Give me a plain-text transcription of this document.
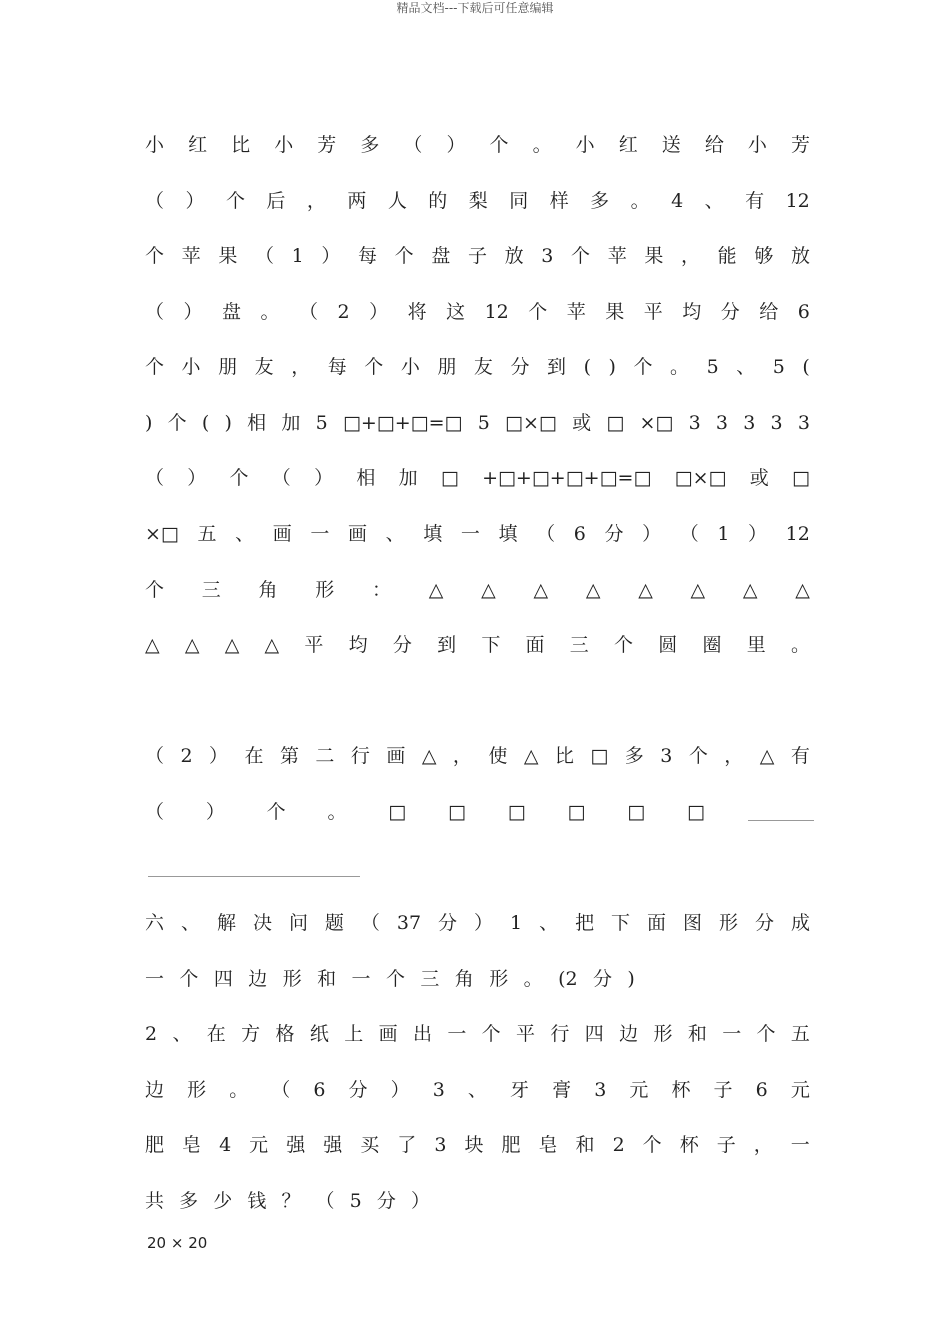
精品文档---下载后可任意编辑
小 红 比 小 芳 多 （ ） 个 。 小 红 送 给 小 芳
（ ） 个 后 ， 两 人 的 梨 同 样 多 。 4 、 有 12
个 苹 果 （ 1 ） 每 个 盘 子 放 3 个 苹 果 ， 能 够 放
（ ） 盘 。 （ 2 ） 将 这 12 个 苹 果 平 均 分 给 6
个 小 朋 友 ， 每 个 小 朋 友 分 到 ( ) 个 。 5 、 5 (
) 个 ( ) 相 加 5 □+□+□=□ 5 □×□ 或 □ ×□ 3 3 3 3 3
（ ） 个 （ ） 相 加 □ +□+□+□+□=□ □×□ 或 □
×□ 五 、 画 一 画 、 填 一 填 （ 6 分 ） （ 1 ） 12
个 三 角 形 ： △ △ △ △ △ △ △ △
△ △ △ △ 平 均 分 到 下 面 三 个 圆 圈 里 。
（ 2 ） 在 第 二 行 画 △ ， 使 △ 比 □ 多 3 个 ， △ 有
（ ） 个 。 □ □ □ □ □ □
六 、 解 决 问 题 （ 37 分 ） 1 、 把 下 面 图 形 分 成
一 个 四 边 形 和 一 个 三 角 形 。 (2 分 )
2 、 在 方 格 纸 上 画 出 一 个 平 行 四 边 形 和 一 个 五
边 形 。 （ 6 分 ） 3 、 牙 膏 3 元 杯 子 6 元
肥 皂 4 元 强 强 买 了 3 块 肥 皂 和 2 个 杯 子 ， 一
共 多 少 钱 ？ （ 5 分 ）
20 × 20
